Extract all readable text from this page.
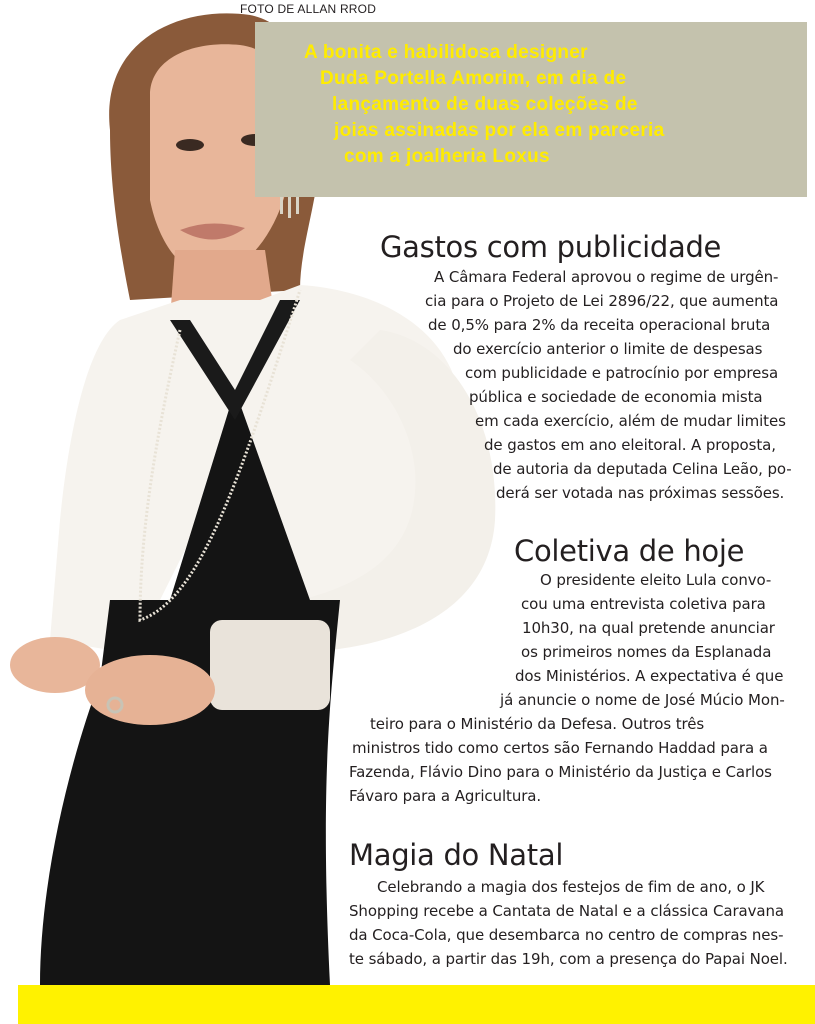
FOTO DE ALLAN RROD
A bonita e habilidosa designer
Duda Portella Amorim, em dia de
lançamento de duas coleções de
joias assinadas por ela em parceria
com a joalheria Loxus
Gastos com publicidade
A Câmara Federal aprovou o regime de urgên-
cia para o Projeto de Lei 2896/22, que aumenta
de 0,5% para 2% da receita operacional bruta
do exercício anterior o limite de despesas
com publicidade e patrocínio por empresa
pública e sociedade de economia mista
em cada exercício, além de mudar limites
de gastos em ano eleitoral. A proposta,
de autoria da deputada Celina Leão, po-
derá ser votada nas próximas sessões.
Coletiva de hoje
O presidente eleito Lula convo-
cou uma entrevista coletiva para
10h30, na qual pretende anunciar
os primeiros nomes da Esplanada
dos Ministérios. A expectativa é que
já anuncie o nome de José Múcio Mon-
teiro para o Ministério da Defesa. Outros três
ministros tido como certos são Fernando Haddad para a
Fazenda, Flávio Dino para o Ministério da Justiça e Carlos
Fávaro para a Agricultura.
Magia do Natal
Celebrando a magia dos festejos de fim de ano, o JK
Shopping recebe a Cantata de Natal e a clássica Caravana
da Coca-Cola, que desembarca no centro de compras nes-
te sábado, a partir das 19h, com a presença do Papai Noel.
